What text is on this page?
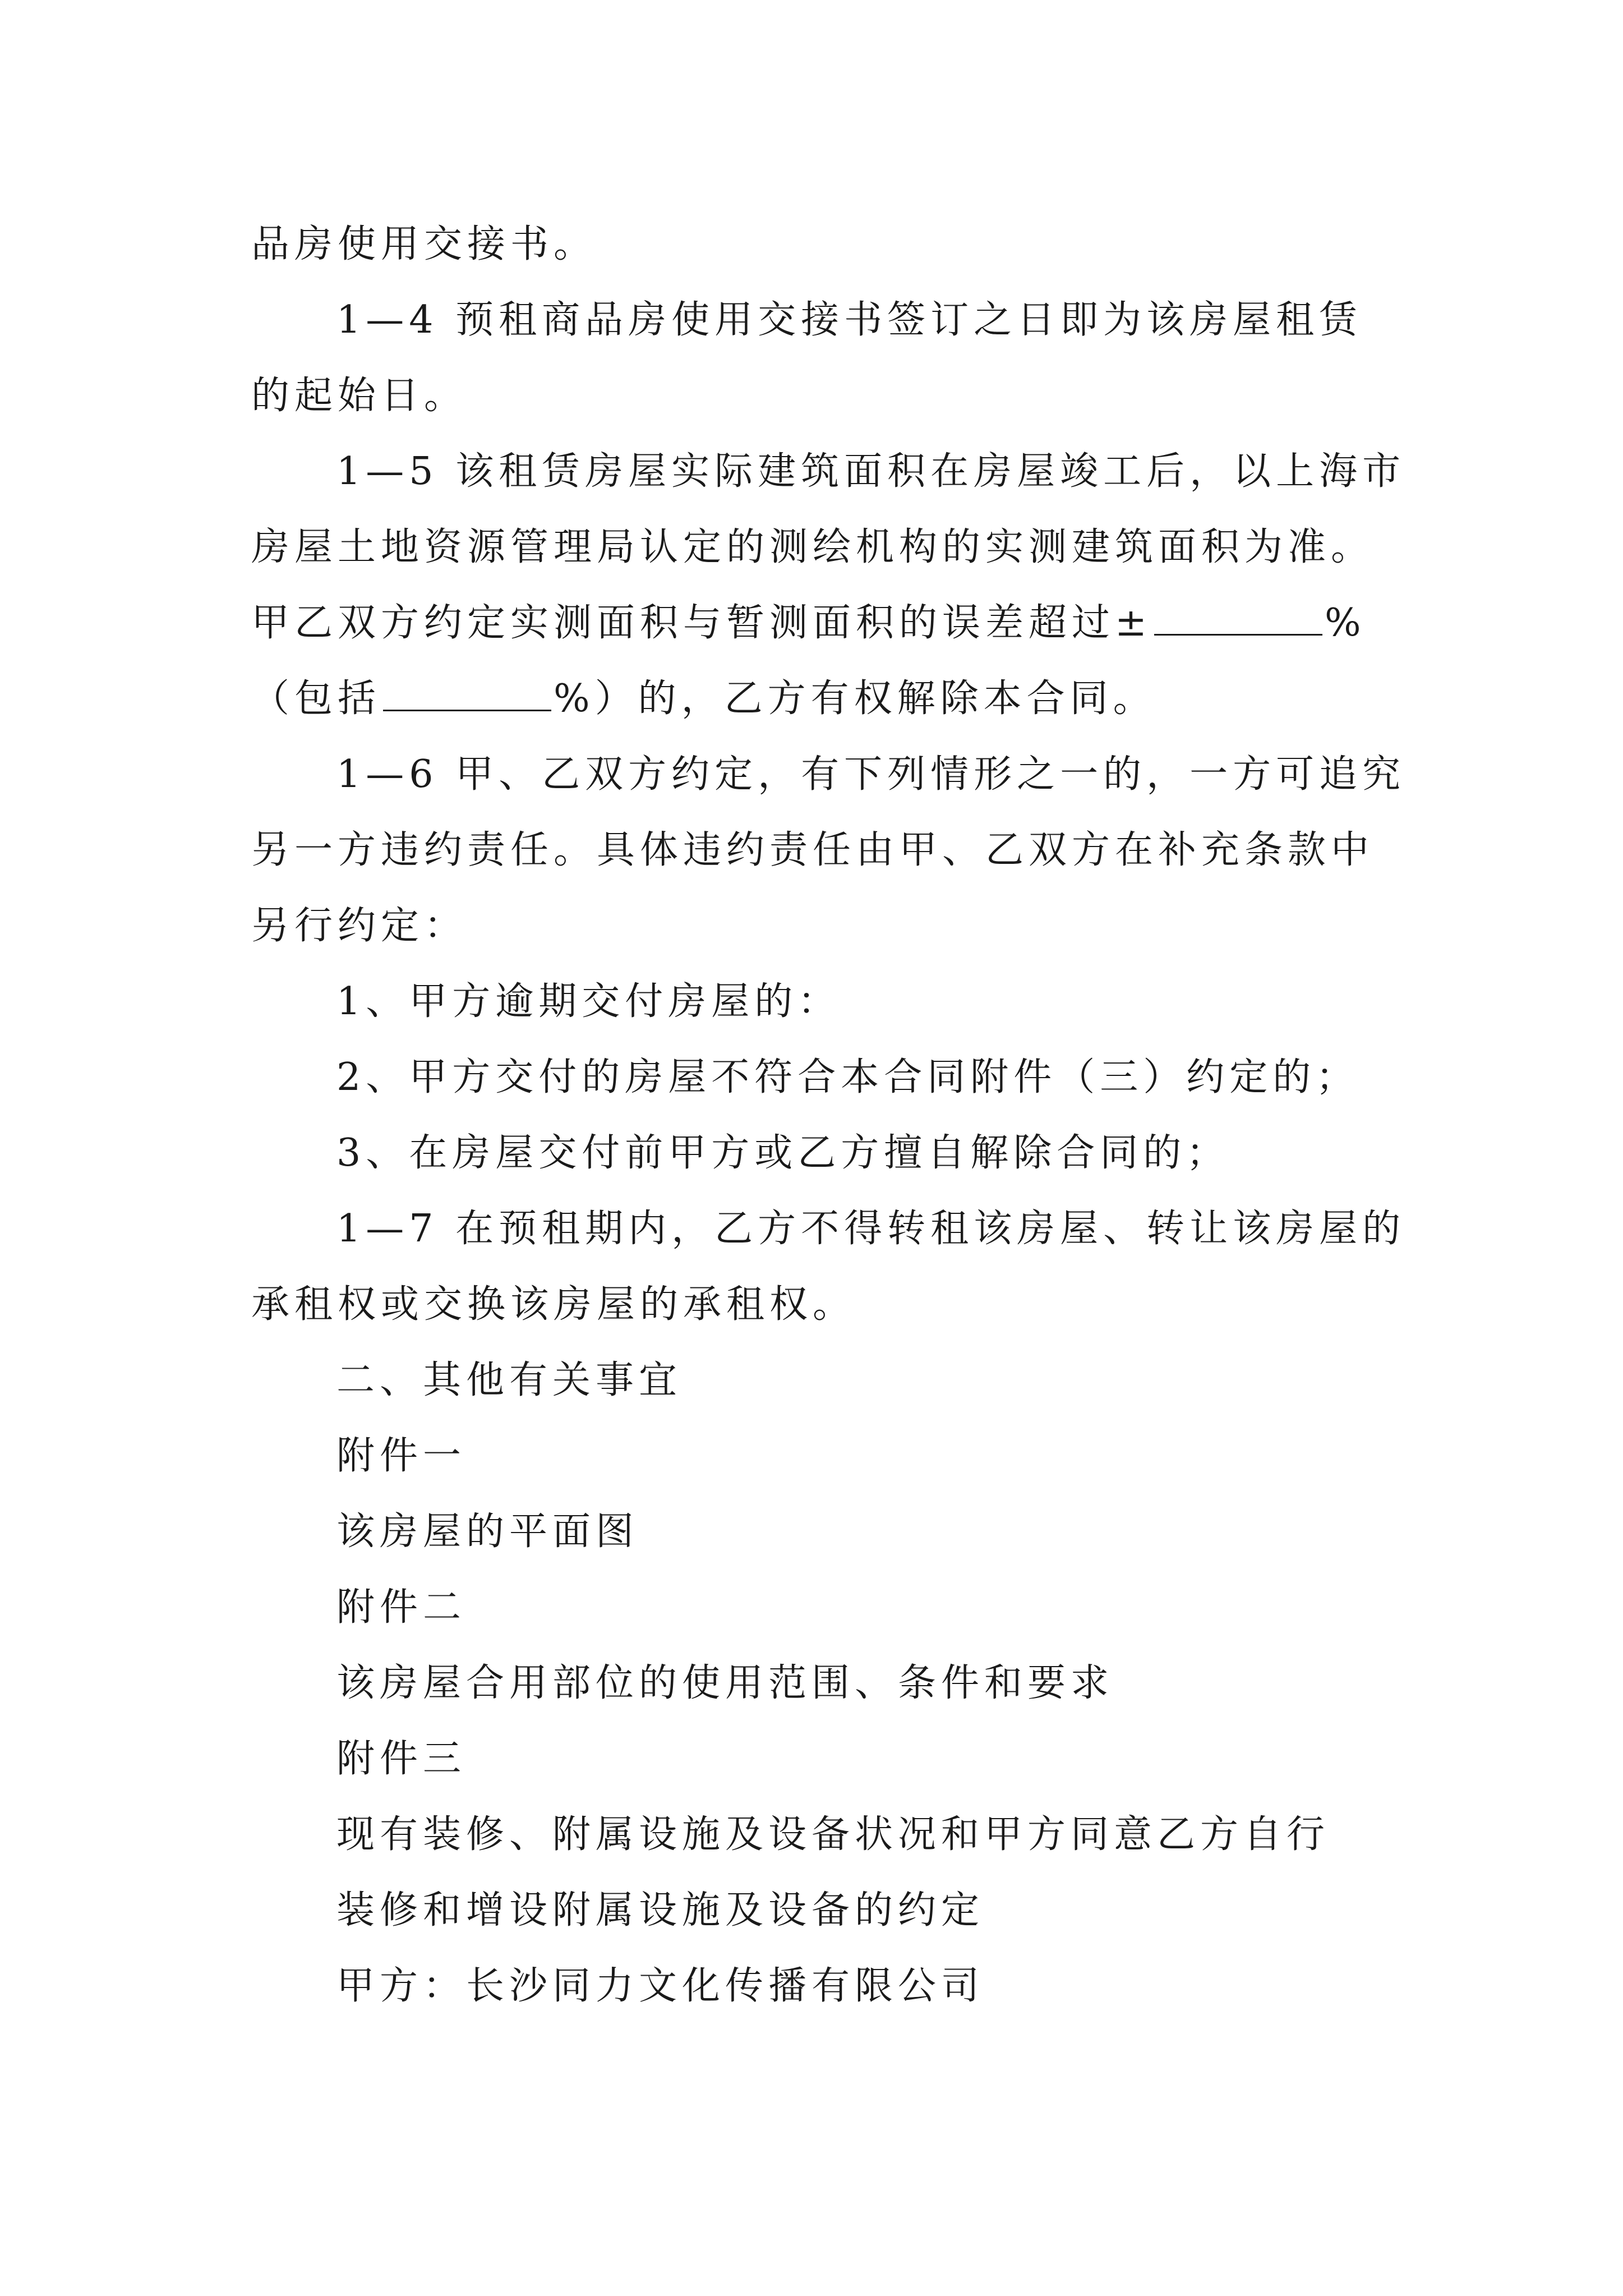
品房使用交接书。
1—4 预租商品房使用交接书签订之日即为该房屋租赁
的起始日。
1—5 该租赁房屋实际建筑面积在房屋竣工后，以上海市
房屋土地资源管理局认定的测绘机构的实测建筑面积为准。
甲乙双方约定实测面积与暂测面积的误差超过±	%
（包括	%）的，乙方有权解除本合同。
1—6 甲、乙双方约定，有下列情形之一的，一方可追究
另一方违约责任。具体违约责任由甲、乙双方在补充条款中
另行约定：
1、甲方逾期交付房屋的：
2、甲方交付的房屋不符合本合同附件（三）约定的；
3、在房屋交付前甲方或乙方擅自解除合同的；
1—7 在预租期内，乙方不得转租该房屋、转让该房屋的
承租权或交换该房屋的承租权。
二、其他有关事宜
附件一
该房屋的平面图
附件二
该房屋合用部位的使用范围、条件和要求
附件三
现有装修、附属设施及设备状况和甲方同意乙方自行
装修和增设附属设施及设备的约定
甲方：长沙同力文化传播有限公司
